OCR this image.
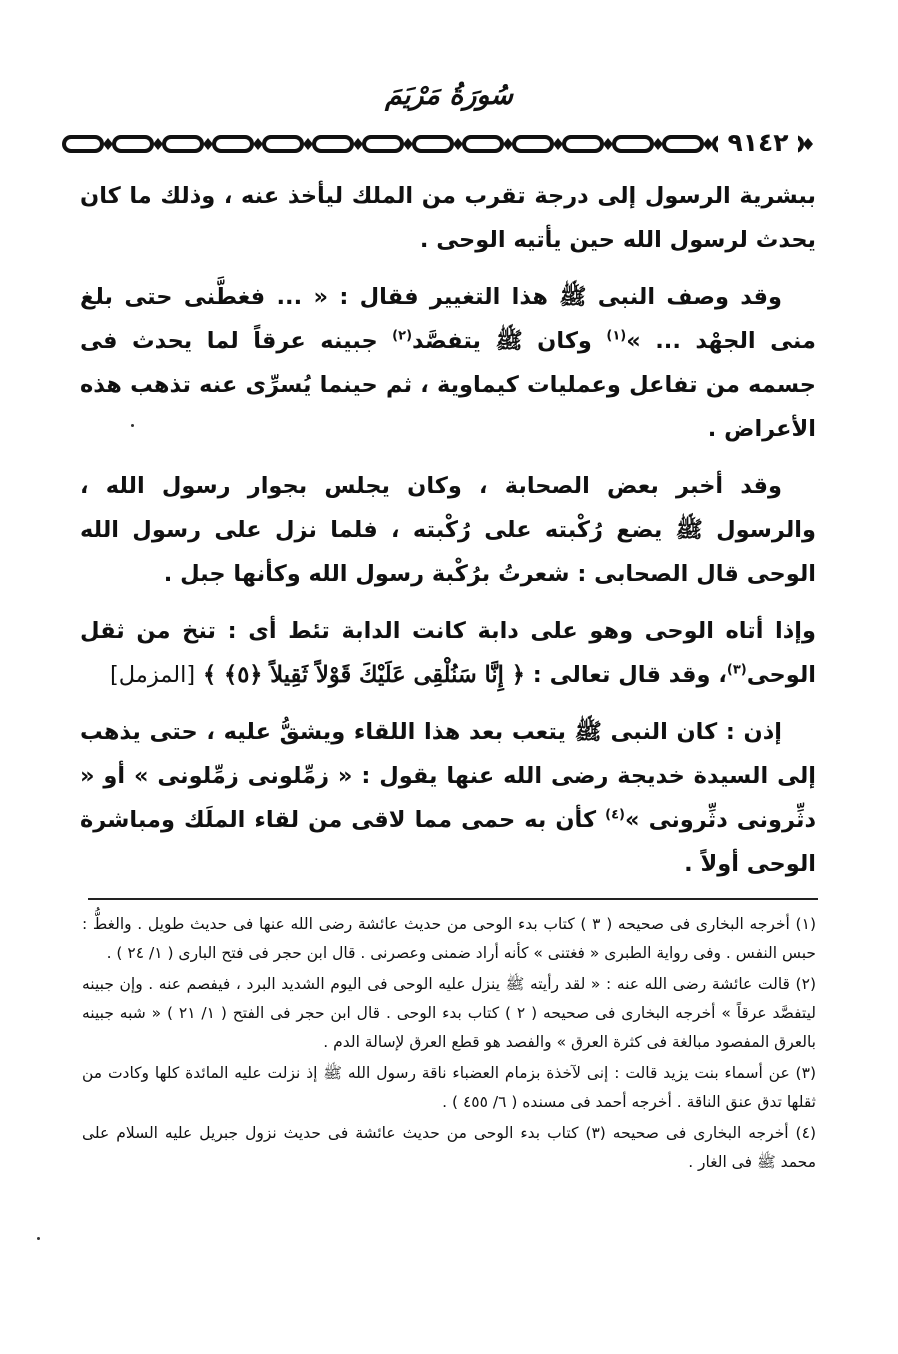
سُورَةُ مَرْيَمَ
٩١٤٢

ببشرية الرسول إلى درجة تقرب من الملك ليأخذ عنه ، وذلك ما كان يحدث لرسول الله حين يأتيه الوحى .

وقد وصف النبى ﷺ هذا التغيير فقال : « ... فغطَّنى حتى بلغ منى الجهْد ... »$^{(١)}$ وكان ﷺ يتفصَّد$^{(٢)}$ جبينه عرقاً لما يحدث فى جسمه من تفاعل وعمليات كيماوية ، ثم حينما يُسرِّى عنه تذهب هذه الأعراض .

وقد أخبر بعض الصحابة ، وكان يجلس بجوار رسول الله ، والرسول ﷺ يضع رُكْبته على رُكْبته ، فلما نزل على رسول الله الوحى قال الصحابى : شعرتُ برُكْبة رسول الله وكأنها جبل .

وإذا أتاه الوحى وهو على دابة كانت الدابة تئط أى : تنخ من ثقل الوحى$^{(٣)}$، وقد قال تعالى : ﴿ إِنَّا سَنُلْقِى عَلَيْكَ قَوْلاً ثَقِيلاً ﴿٥﴾ ﴾ [المزمل]

إذن : كان النبى ﷺ يتعب بعد هذا اللقاء ويشقُّ عليه ، حتى يذهب إلى السيدة خديجة رضى الله عنها يقول : « زمِّلونى زمِّلونى » أو « دثِّرونى دثِّرونى »$^{(٤)}$ كأن به حمى مما لاقى من لقاء الملَك ومباشرة الوحى أولاً .

(١) أخرجه البخارى فى صحيحه ( ٣ ) كتاب بدء الوحى من حديث عائشة رضى الله عنها فى حديث طويل . والغطُّ : حبس النفس . وفى رواية الطبرى « فغتنى » كأنه أراد ضمنى وعصرنى . قال ابن حجر فى فتح البارى ( ١/ ٢٤ ) .

(٢) قالت عائشة رضى الله عنه : « لقد رأيته ﷺ ينزل عليه الوحى فى اليوم الشديد البرد ، فيفصم عنه . وإن جبينه ليتفصَّد عرقاً » أخرجه البخارى فى صحيحه ( ٢ ) كتاب بدء الوحى . قال ابن حجر فى الفتح ( ١/ ٢١ ) « شبه جبينه بالعرق المفصود مبالغة فى كثرة العرق » والفصد هو قطع العرق لإسالة الدم .

(٣) عن أسماء بنت يزيد قالت : إنى لآخذة بزمام العضباء ناقة رسول الله ﷺ إذ نزلت عليه المائدة كلها وكادت من ثقلها تدق عنق الناقة . أخرجه أحمد فى مسنده ( ٦/ ٤٥٥ ) .

(٤) أخرجه البخارى فى صحيحه (٣) كتاب بدء الوحى من حديث عائشة فى حديث نزول جبريل عليه السلام على محمد ﷺ فى الغار .
